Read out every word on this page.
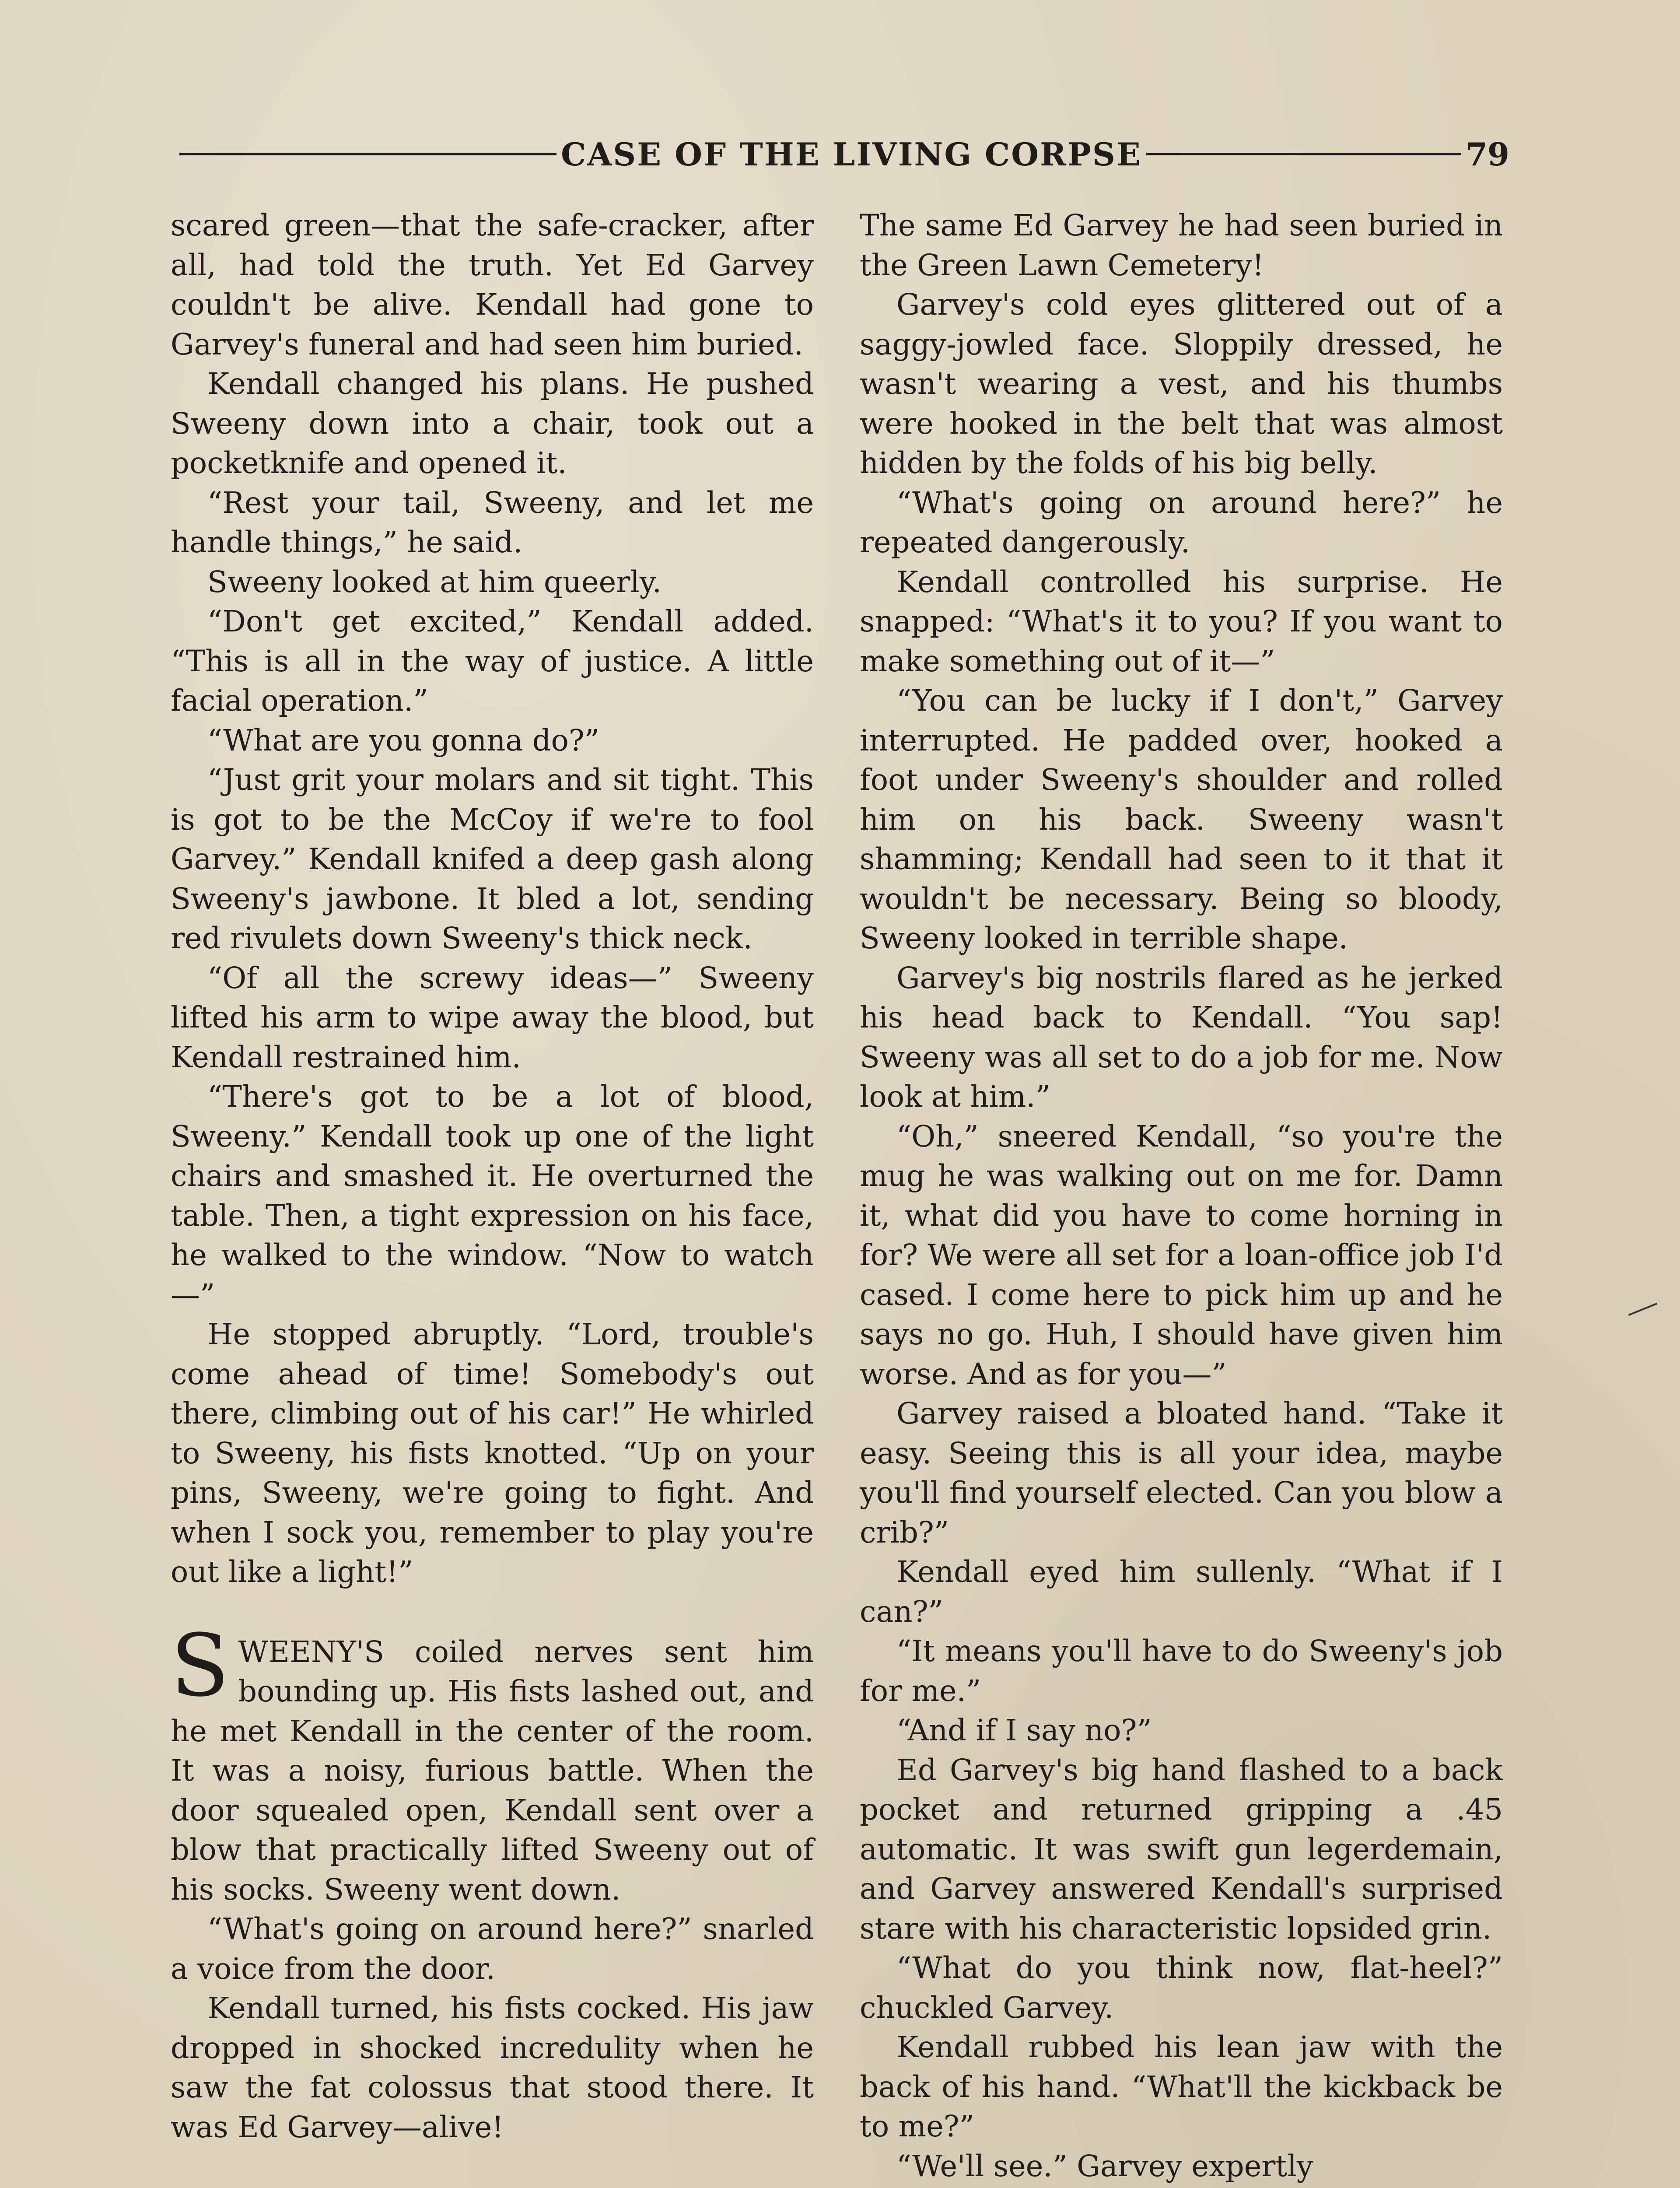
CASE OF THE LIVING CORPSE	79

scared green—that the safe-cracker, after all, had told the truth. Yet Ed Garvey couldn't be alive. Kendall had gone to Garvey's funeral and had seen him buried.

Kendall changed his plans. He pushed Sweeny down into a chair, took out a pocketknife and opened it.

“Rest your tail, Sweeny, and let me handle things,” he said.

Sweeny looked at him queerly.

“Don't get excited,” Kendall added. “This is all in the way of justice. A little facial operation.”

“What are you gonna do?”

“Just grit your molars and sit tight. This is got to be the McCoy if we're to fool Garvey.” Kendall knifed a deep gash along Sweeny's jawbone. It bled a lot, sending red rivulets down Sweeny's thick neck.

“Of all the screwy ideas—” Sweeny lifted his arm to wipe away the blood, but Kendall restrained him.

“There's got to be a lot of blood, Sweeny.” Kendall took up one of the light chairs and smashed it. He overturned the table. Then, a tight expression on his face, he walked to the window. “Now to watch—”

He stopped abruptly. “Lord, trouble's come ahead of time! Somebody's out there, climbing out of his car!” He whirled to Sweeny, his fists knotted. “Up on your pins, Sweeny, we're going to fight. And when I sock you, remember to play you're out like a light!”

SWEENY'S coiled nerves sent him bounding up. His fists lashed out, and he met Kendall in the center of the room. It was a noisy, furious battle. When the door squealed open, Kendall sent over a blow that practically lifted Sweeny out of his socks. Sweeny went down.

“What's going on around here?” snarled a voice from the door.

Kendall turned, his fists cocked. His jaw dropped in shocked incredulity when he saw the fat colossus that stood there. It was Ed Garvey—alive!

The same Ed Garvey he had seen buried in the Green Lawn Cemetery!

Garvey's cold eyes glittered out of a saggy-jowled face. Sloppily dressed, he wasn't wearing a vest, and his thumbs were hooked in the belt that was almost hidden by the folds of his big belly.

“What's going on around here?” he repeated dangerously.

Kendall controlled his surprise. He snapped: “What's it to you? If you want to make something out of it—”

“You can be lucky if I don't,” Garvey interrupted. He padded over, hooked a foot under Sweeny's shoulder and rolled him on his back. Sweeny wasn't shamming; Kendall had seen to it that it wouldn't be necessary. Being so bloody, Sweeny looked in terrible shape.

Garvey's big nostrils flared as he jerked his head back to Kendall. “You sap! Sweeny was all set to do a job for me. Now look at him.”

“Oh,” sneered Kendall, “so you're the mug he was walking out on me for. Damn it, what did you have to come horning in for? We were all set for a loan-office job I'd cased. I come here to pick him up and he says no go. Huh, I should have given him worse. And as for you—”

Garvey raised a bloated hand. “Take it easy. Seeing this is all your idea, maybe you'll find yourself elected. Can you blow a crib?”

Kendall eyed him sullenly. “What if I can?”

“It means you'll have to do Sweeny's job for me.”

“And if I say no?”

Ed Garvey's big hand flashed to a back pocket and returned gripping a .45 automatic. It was swift gun legerdemain, and Garvey answered Kendall's surprised stare with his characteristic lopsided grin.

“What do you think now, flat-heel?” chuckled Garvey.

Kendall rubbed his lean jaw with the back of his hand. “What'll the kickback be to me?”

“We'll see.” Garvey expertly
